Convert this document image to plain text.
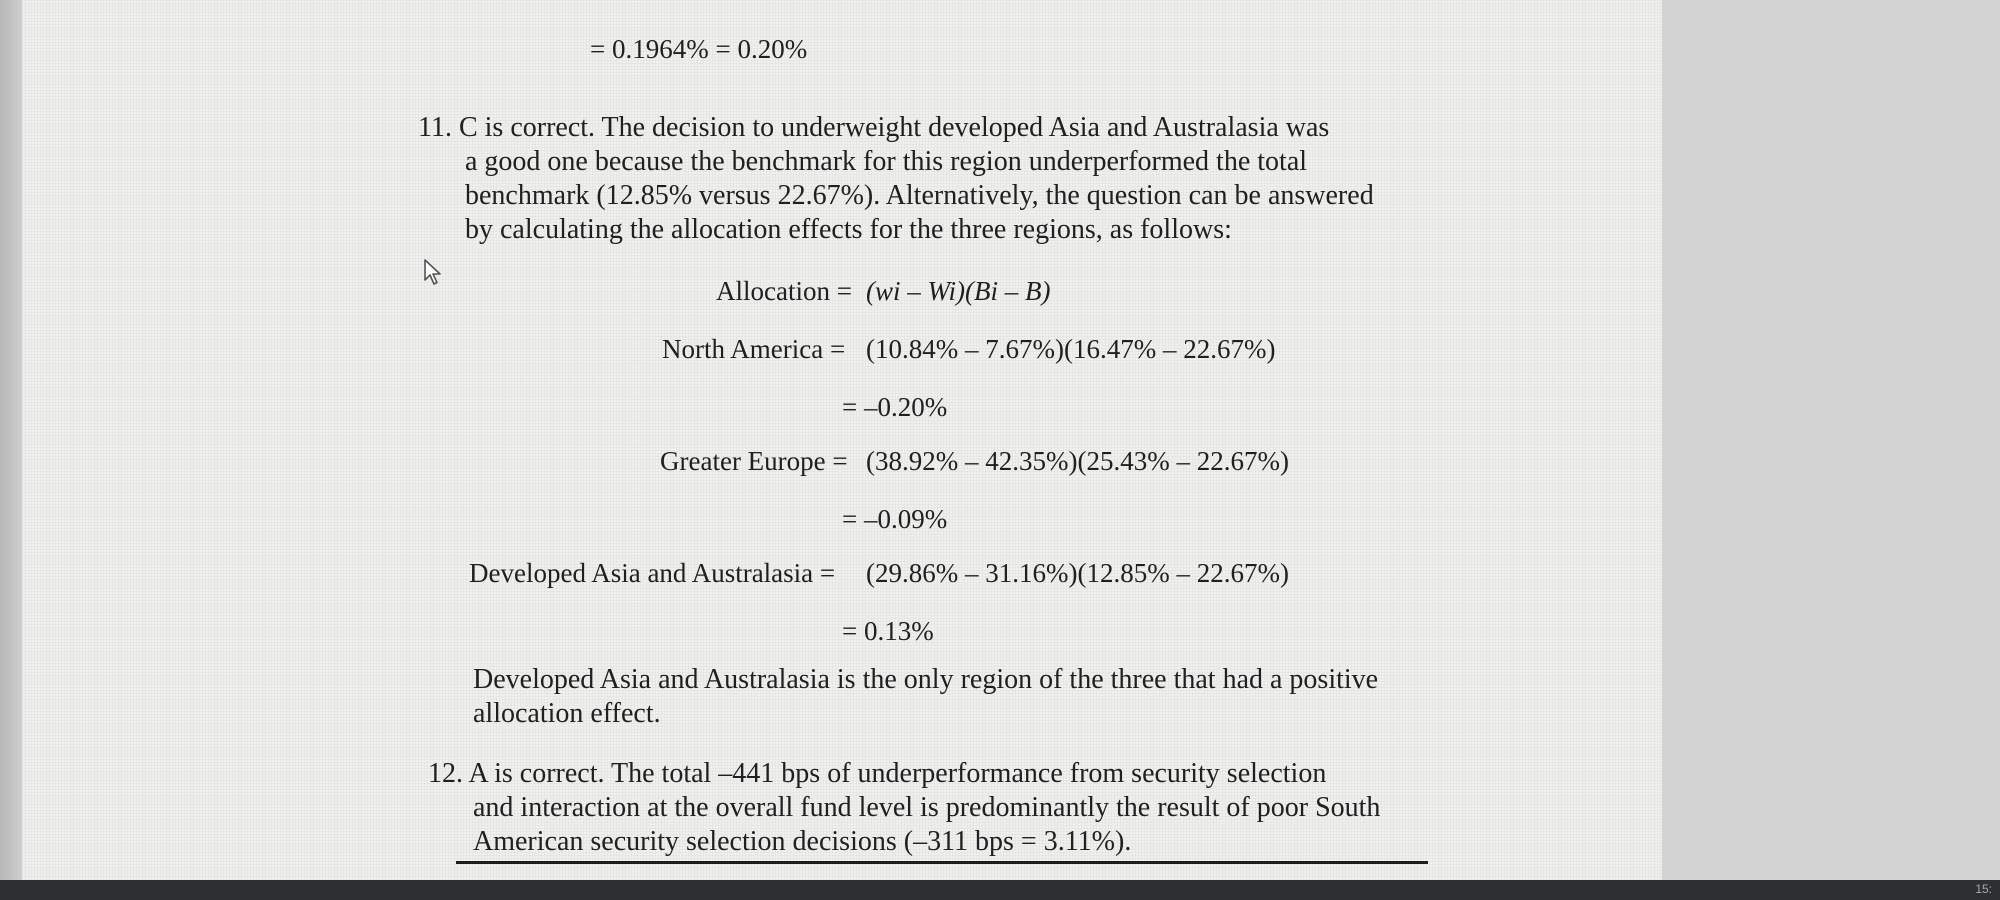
= 0.1964% = 0.20%
11. C is correct. The decision to underweight developed Asia and Australasia was
a good one because the benchmark for this region underperformed the total
benchmark (12.85% versus 22.67%). Alternatively, the question can be answered
by calculating the allocation effects for the three regions, as follows:
Allocation = (wi – Wi)(Bi – B)
North America = (10.84% – 7.67%)(16.47% – 22.67%)
= –0.20%
Greater Europe = (38.92% – 42.35%)(25.43% – 22.67%)
= –0.09%
Developed Asia and Australasia = (29.86% – 31.16%)(12.85% – 22.67%)
= 0.13%
Developed Asia and Australasia is the only region of the three that had a positive
allocation effect.
12. A is correct. The total –441 bps of underperformance from security selection
and interaction at the overall fund level is predominantly the result of poor South
American security selection decisions (–311 bps = 3.11%).
15:
